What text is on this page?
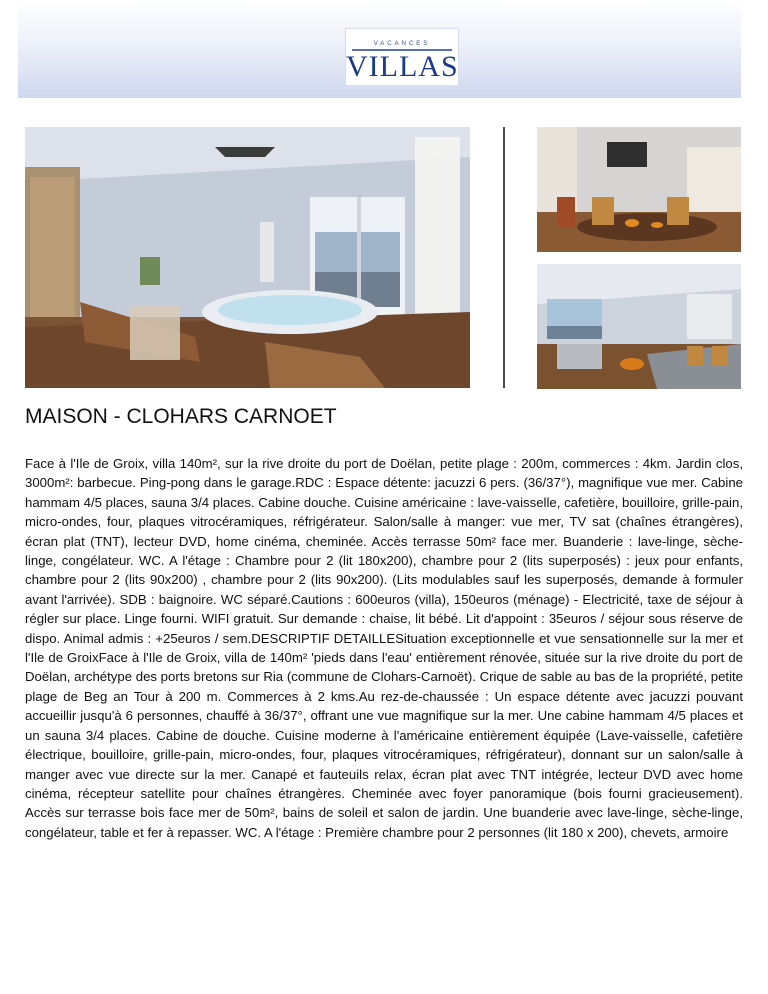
VACANCES
VILLAS
MAISON - CLOHARS CARNOET

Face à l'Ile de Groix, villa 140m², sur la rive droite du port de Doëlan, petite plage : 200m, commerces : 4km. Jardin clos, 3000m²: barbecue. Ping-pong dans le garage.RDC : Espace détente: jacuzzi 6 pers. (36/37°), magnifique vue mer. Cabine hammam 4/5 places, sauna 3/4 places. Cabine douche. Cuisine américaine : lave-vaisselle, cafetière, bouilloire, grille-pain, micro-ondes, four, plaques vitrocéramiques, réfrigérateur. Salon/salle à manger: vue mer, TV sat (chaînes étrangères), écran plat (TNT), lecteur DVD, home cinéma, cheminée. Accès terrasse 50m² face mer. Buanderie : lave-linge, sèche-linge, congélateur. WC. A l'étage : Chambre pour 2 (lit 180x200), chambre pour 2 (lits superposés) : jeux pour enfants, chambre pour 2 (lits 90x200) , chambre pour 2 (lits 90x200). (Lits modulables sauf les superposés, demande à formuler avant l'arrivée). SDB : baignoire. WC séparé.Cautions : 600euros (villa), 150euros (ménage) - Electricité, taxe de séjour à régler sur place. Linge fourni. WIFI gratuit. Sur demande : chaise, lit bébé. Lit d'appoint : 35euros / séjour sous réserve de dispo. Animal admis : +25euros / sem.DESCRIPTIF DETAILLESituation exceptionnelle et vue sensationnelle sur la mer et l'Ile de GroixFace à l'Ile de Groix, villa de 140m² 'pieds dans l'eau' entièrement rénovée, située sur la rive droite du port de Doëlan, archétype des ports bretons sur Ria (commune de Clohars-Carnoët). Crique de sable au bas de la propriété, petite plage de Beg an Tour à 200 m. Commerces à 2 kms.Au rez-de-chaussée : Un espace détente avec jacuzzi pouvant accueillir jusqu'à 6 personnes, chauffé à 36/37°, offrant une vue magnifique sur la mer. Une cabine hammam 4/5 places et un sauna 3/4 places. Cabine de douche. Cuisine moderne à l'américaine entièrement équipée (Lave-vaisselle, cafetière électrique, bouilloire, grille-pain, micro-ondes, four, plaques vitrocéramiques, réfrigérateur), donnant sur un salon/salle à manger avec vue directe sur la mer. Canapé et fauteuils relax, écran plat avec TNT intégrée, lecteur DVD avec home cinéma, récepteur satellite pour chaînes étrangères. Cheminée avec foyer panoramique (bois fourni gracieusement). Accès sur terrasse bois face mer de 50m², bains de soleil et salon de jardin. Une buanderie avec lave-linge, sèche-linge, congélateur, table et fer à repasser. WC. A l'étage : Première chambre pour 2 personnes (lit 180 x 200), chevets, armoire
